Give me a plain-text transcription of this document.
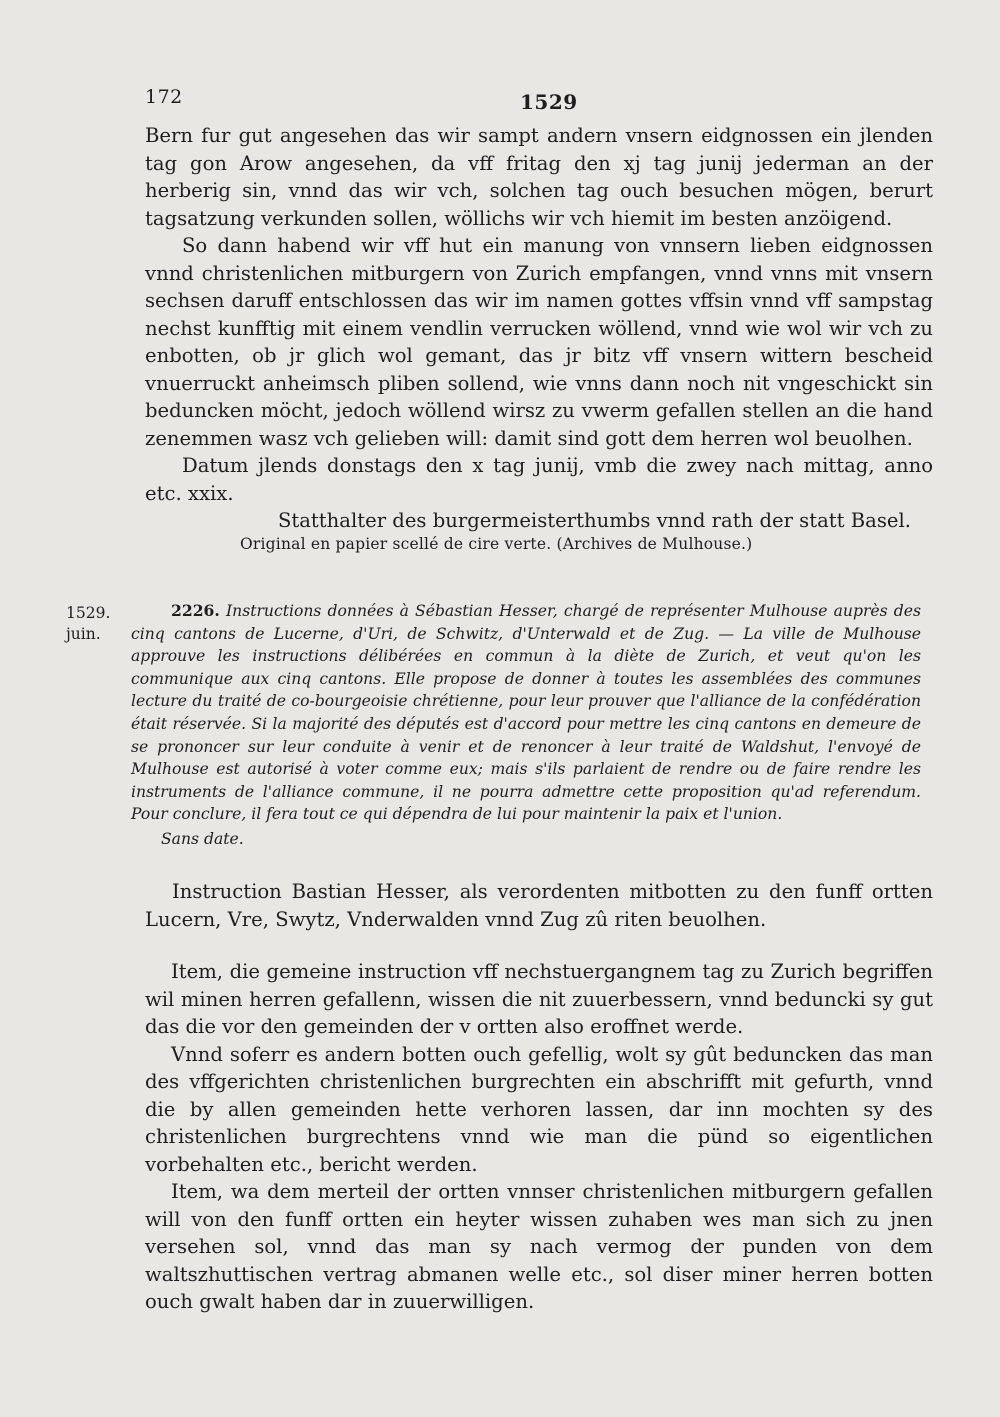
172	1529

Bern fur gut angesehen das wir sampt andern vnsern eidgnossen ein jlenden tag gon Arow angesehen, da vff fritag den xj tag junij jederman an der herberig sin, vnnd das wir vch, solchen tag ouch besuchen mögen, berurt tagsatzung verkunden sollen, wöllichs wir vch hiemit im besten anzöigend.

So dann habend wir vff hut ein manung von vnnsern lieben eidgnossen vnnd christenlichen mitburgern von Zurich empfangen, vnnd vnns mit vnsern sechsen daruff entschlossen das wir im namen gottes vffsin vnnd vff sampstag nechst kunfftig mit einem vendlin verrucken wöllend, vnnd wie wol wir vch zu enbotten, ob jr glich wol gemant, das jr bitz vff vnsern wittern bescheid vnuerruckt anheimsch pliben sollend, wie vnns dann noch nit vngeschickt sin beduncken möcht, jedoch wöllend wirsz zu vwerm gefallen stellen an die hand zenemmen wasz vch gelieben will: damit sind gott dem herren wol beuolhen.

Datum jlends donstags den x tag junij, vmb die zwey nach mittag, anno etc. xxix.

Statthalter des burgermeisterthumbs vnnd rath der statt Basel.

Original en papier scellé de cire verte. (Archives de Mulhouse.)
1529.
juin.
2226. Instructions données à Sébastian Hesser, chargé de représenter Mulhouse auprès des cinq cantons de Lucerne, d'Uri, de Schwitz, d'Unterwald et de Zug. — La ville de Mulhouse approuve les instructions délibérées en commun à la diète de Zurich, et veut qu'on les communique aux cinq cantons. Elle propose de donner à toutes les assemblées des communes lecture du traité de co-bourgeoisie chrétienne, pour leur prouver que l'alliance de la confédération était réservée. Si la majorité des députés est d'accord pour mettre les cinq cantons en demeure de se prononcer sur leur conduite à venir et de renoncer à leur traité de Waldshut, l'envoyé de Mulhouse est autorisé à voter comme eux; mais s'ils parlaient de rendre ou de faire rendre les instruments de l'alliance commune, il ne pourra admettre cette proposition qu'ad referendum. Pour conclure, il fera tout ce qui dépendra de lui pour maintenir la paix et l'union.
Sans date.

Instruction Bastian Hesser, als verordenten mitbotten zu den funff ortten Lucern, Vre, Swytz, Vnderwalden vnnd Zug zû riten beuolhen.

Item, die gemeine instruction vff nechstuergangnem tag zu Zurich begriffen wil minen herren gefallenn, wissen die nit zuuerbessern, vnnd beduncki sy gut das die vor den gemeinden der v ortten also eroffnet werde.

Vnnd soferr es andern botten ouch gefellig, wolt sy gût beduncken das man des vffgerichten christenlichen burgrechten ein abschrifft mit gefurth, vnnd die by allen gemeinden hette verhoren lassen, dar inn mochten sy des christenlichen burgrechtens vnnd wie man die pünd so eigentlichen vorbehalten etc., bericht werden.

Item, wa dem merteil der ortten vnnser christenlichen mitburgern gefallen will von den funff ortten ein heyter wissen zuhaben wes man sich zu jnen versehen sol, vnnd das man sy nach vermog der punden von dem waltszhuttischen vertrag abmanen welle etc., sol diser miner herren botten ouch gwalt haben dar in zuuerwilligen.
